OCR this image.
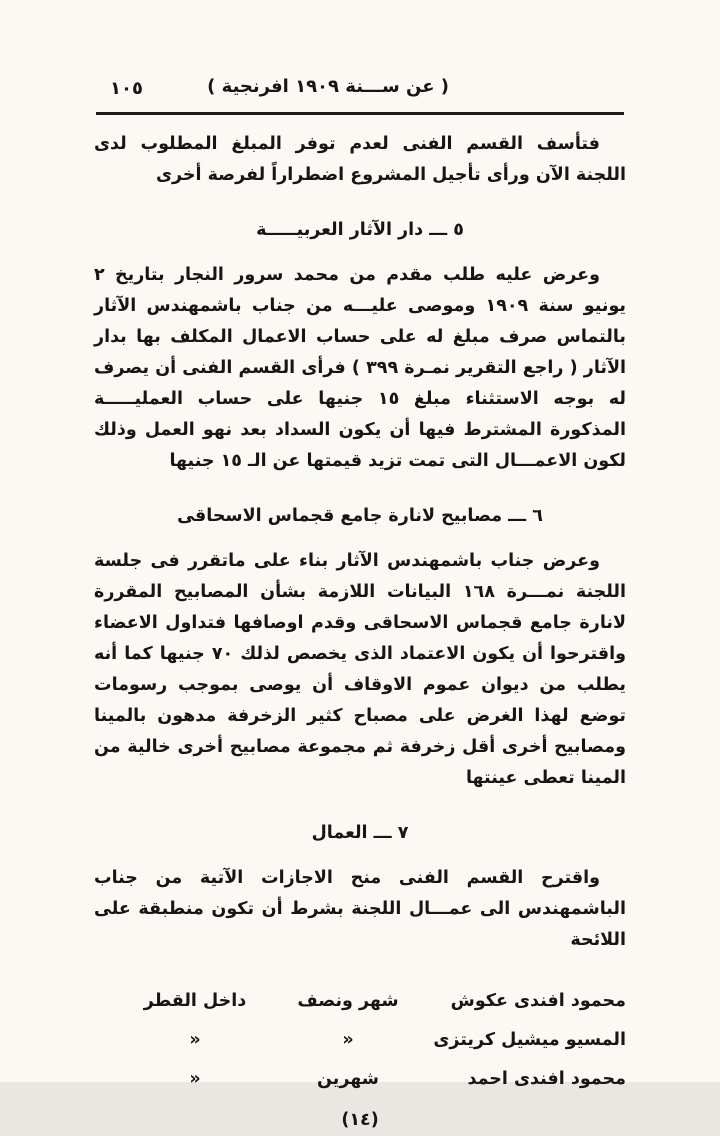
١٠٥	( عن ســـنة ١٩٠٩ افرنجية )

فتأسف القسم الفنى لعدم توفر المبلغ المطلوب لدى اللجنة الآن ورأى تأجيل المشروع اضطراراً لفرصة أخرى

٥ ـــ دار الآثار العربيـــــة

وعرض عليه طلب مقدم من محمد سرور النجار بتاريخ ٢ يونيو سنة ١٩٠٩ وموصى عليـــه من جناب باشمهندس الآثار بالتماس صرف مبلغ له على حساب الاعمال المكلف بها بدار الآثار ( راجع التقرير نمـرة ٣٩٩ ) فرأى القسم الفنى أن يصرف له بوجه الاستثناء مبلغ ١٥ جنيها على حساب العمليـــــة المذكورة المشترط فيها أن يكون السداد بعد نهو العمل وذلك لكون الاعمـــال التى تمت تزيد قيمتها عن الـ ١٥ جنيها

٦ ـــ مصابيح لانارة جامع قجماس الاسحاقى

وعرض جناب باشمهندس الآثار بناء على ماتقرر فى جلسة اللجنة نمـــرة ١٦٨ البيانات اللازمة بشأن المصابيح المقررة لانارة جامع قجماس الاسحاقى وقدم اوصافها فتداول الاعضاء واقترحوا أن يكون الاعتماد الذى يخصص لذلك ٧٠ جنيها كما أنه يطلب من ديوان عموم الاوقاف أن يوصى بموجب رسومات توضع لهذا الغرض على مصباح كثير الزخرفة مدهون بالمينا ومصابيح أخرى أقل زخرفة ثم مجموعة مصابيح أخرى خالية من المينا تعطى عينتها

٧ ـــ العمال

واقترح القسم الفنى منح الاجازات الآتية من جناب الباشمهندس الى عمـــال اللجنة بشرط أن تكون منطبقة على اللائحة

محمود افندى عكوش
شهر ونصف
داخل القطر
المسيو ميشيل كريتزى
«
«
محمود افندى احمد
شهرين
«
(١٤)
